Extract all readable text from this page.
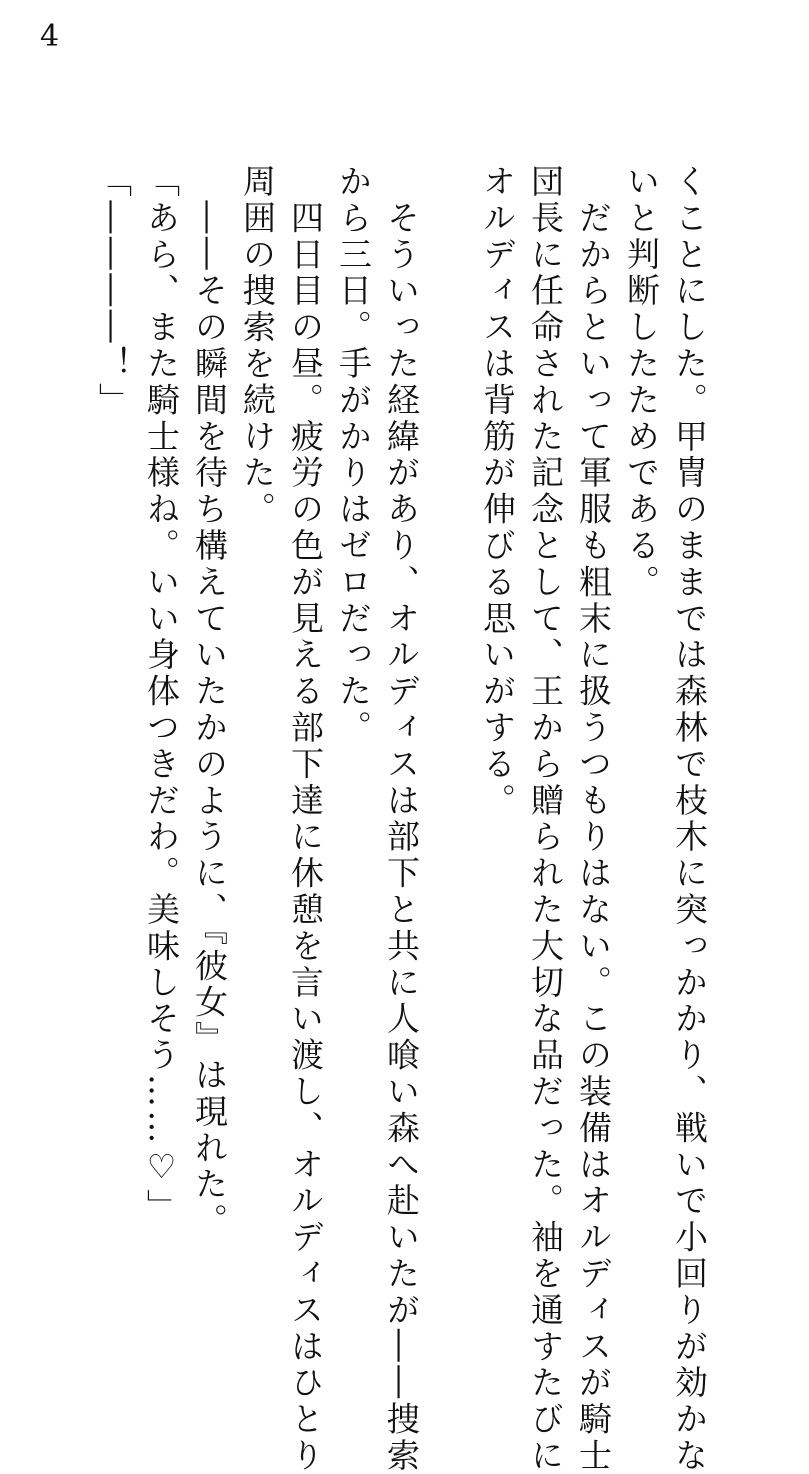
4
くことにした。甲冑のままでは森林で枝木に突っかかり、戦いで小回りが効かな
いと判断したためである。
　だからといって軍服も粗末に扱うつもりはない。この装備はオルディスが騎士
団長に任命された記念として、王から贈られた大切な品だった。袖を通すたびに
オルディスは背筋が伸びる思いがする。
　そういった経緯があり、オルディスは部下と共に人喰い森へ赴いたが――捜索
から三日。手がかりはゼロだった。
　四日目の昼。疲労の色が見える部下達に休憩を言い渡し、オルディスはひとり
周囲の捜索を続けた。
　――その瞬間を待ち構えていたかのように、『彼女』は現れた。
「あら、また騎士様ね。いい身体つきだわ。美味しそう……♡」
「――――！」
